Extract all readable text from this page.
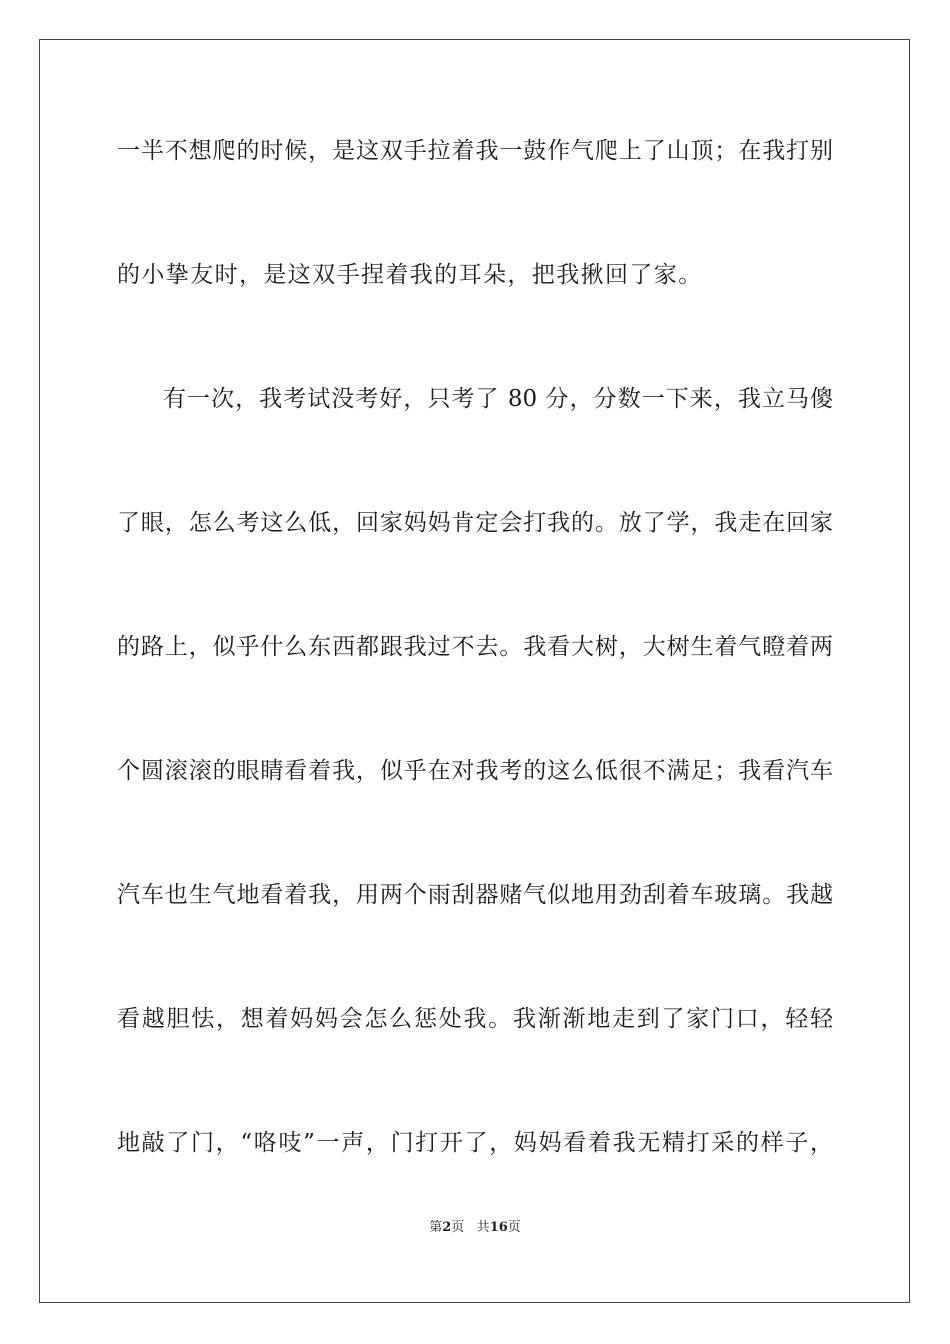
一半不想爬的时候，是这双手拉着我一鼓作气爬上了山顶；在我打别
的小挚友时，是这双手捏着我的耳朵，把我揪回了家。
有一次，我考试没考好，只考了 80 分，分数一下来，我立马傻
了眼，怎么考这么低，回家妈妈肯定会打我的。放了学，我走在回家
的路上，似乎什么东西都跟我过不去。我看大树，大树生着气瞪着两
个圆滚滚的眼睛看着我，似乎在对我考的这么低很不满足；我看汽车
汽车也生气地看着我，用两个雨刮器赌气似地用劲刮着车玻璃。我越
看越胆怯，想着妈妈会怎么惩处我。我渐渐地走到了家门口，轻轻
地敲了门，“咯吱”一声，门打开了，妈妈看着我无精打采的样子，
第2页 共16页
